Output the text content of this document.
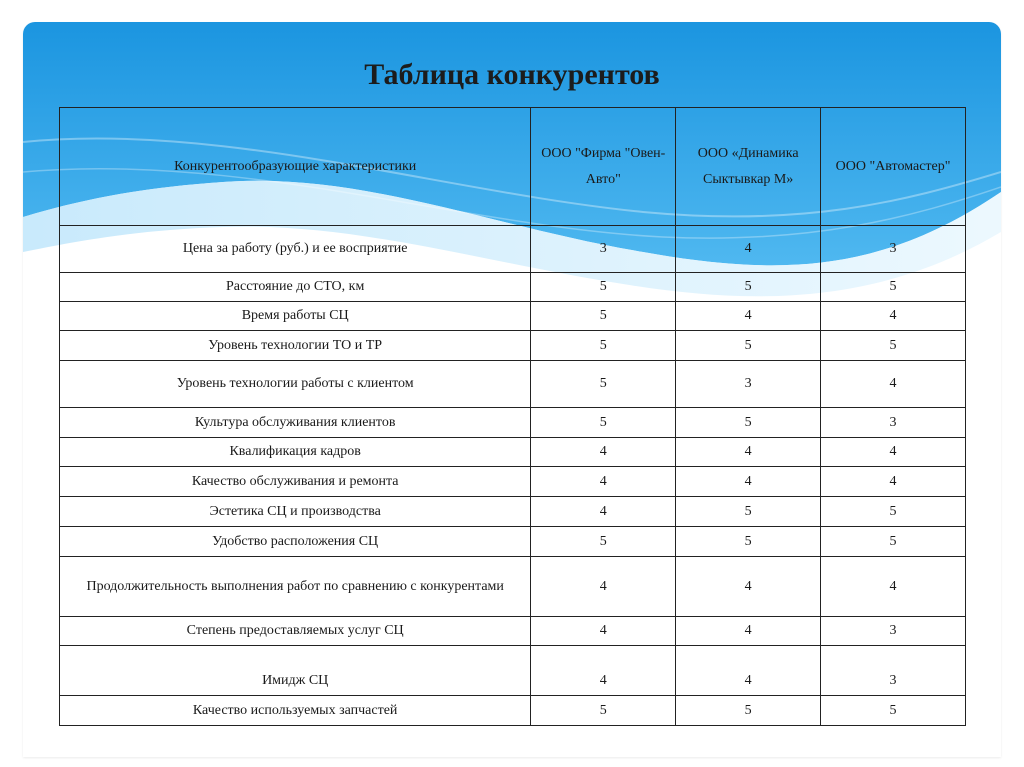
Таблица конкурентов
Конкурентообразующие характеристики	ООО "Фирма "Овен-Авто"	ООО «Динамика Сыктывкар М»	ООО "Автомастер"
Цена за работу (руб.) и ее восприятие	3	4	3
Расстояние до СТО, км	5	5	5
Время работы СЦ	5	4	4
Уровень технологии ТО и ТР	5	5	5
Уровень технологии работы с клиентом	5	3	4
Культура обслуживания клиентов	5	5	3
Квалификация кадров	4	4	4
Качество обслуживания и ремонта	4	4	4
Эстетика СЦ и производства	4	5	5
Удобство расположения СЦ	5	5	5
Продолжительность выполнения работ по сравнению с конкурентами	4	4	4
Степень предоставляемых услуг СЦ	4	4	3
Имидж СЦ	4	4	3
Качество используемых запчастей	5	5	5
